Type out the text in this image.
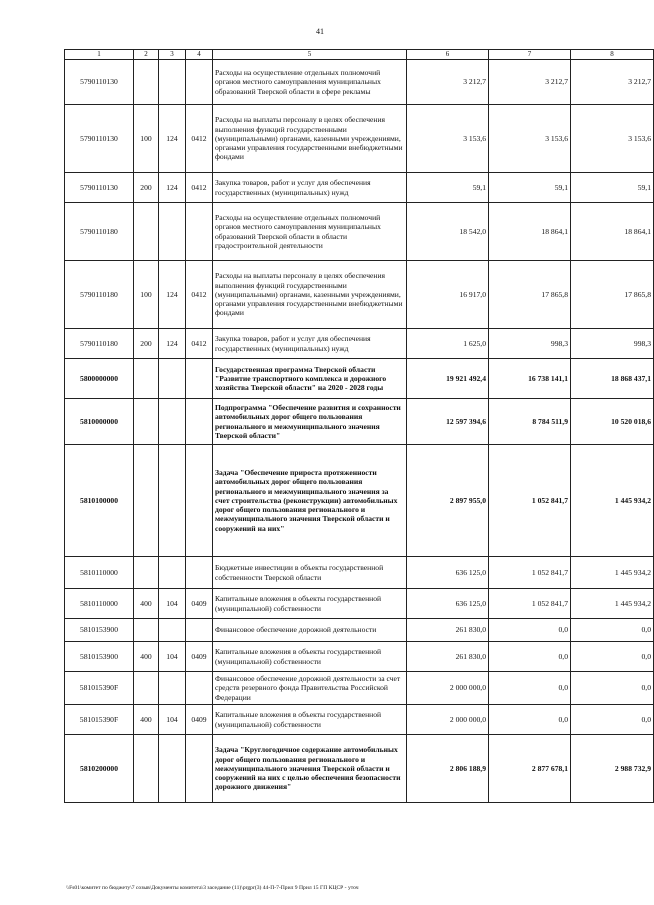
41
1	2	3	4	5	6	7	8
5790110130				Расходы на осуществление отдельных полномочий органов местного самоуправления муниципальных образований Тверской области в сфере рекламы	3 212,7	3 212,7	3 212,7
5790110130	100	124	0412	Расходы на выплаты персоналу в целях обеспечения выполнения функций государственными (муниципальными) органами, казенными учреждениями, органами управления государственными внебюджетными фондами	3 153,6	3 153,6	3 153,6
5790110130	200	124	0412	Закупка товаров, работ и услуг для обеспечения государственных (муниципальных) нужд	59,1	59,1	59,1
5790110180				Расходы на осуществление отдельных полномочий органов местного самоуправления муниципальных образований Тверской области в области градостроительной деятельности	18 542,0	18 864,1	18 864,1
5790110180	100	124	0412	Расходы на выплаты персоналу в целях обеспечения выполнения функций государственными (муниципальными) органами, казенными учреждениями, органами управления государственными внебюджетными фондами	16 917,0	17 865,8	17 865,8
5790110180	200	124	0412	Закупка товаров, работ и услуг для обеспечения государственных (муниципальных) нужд	1 625,0	998,3	998,3
5800000000				Государственная программа Тверской области "Развитие транспортного комплекса и дорожного хозяйства Тверской области" на 2020 - 2028 годы	19 921 492,4	16 738 141,1	18 868 437,1
5810000000				Подпрограмма "Обеспечение развития и сохранности автомобильных дорог общего пользования регионального и межмуниципального значения Тверской области"	12 597 394,6	8 784 511,9	10 520 018,6
5810100000				Задача "Обеспечение прироста протяженности автомобильных дорог общего пользования регионального и межмуниципального значения за счет строительства (реконструкции) автомобильных дорог общего пользования регионального и межмуниципального значения Тверской области и сооружений на них"	2 897 955,0	1 052 841,7	1 445 934,2
5810110000				Бюджетные инвестиции в объекты государственной собственности Тверской области	636 125,0	1 052 841,7	1 445 934,2
5810110000	400	104	0409	Капитальные вложения в объекты государственной (муниципальной) собственности	636 125,0	1 052 841,7	1 445 934,2
5810153900				Финансовое обеспечение дорожной деятельности	261 830,0	0,0	0,0
5810153900	400	104	0409	Капитальные вложения в объекты государственной (муниципальной) собственности	261 830,0	0,0	0,0
581015390F				Финансовое обеспечение дорожной деятельности за счет средств резервного фонда Правительства Российской Федерации	2 000 000,0	0,0	0,0
581015390F	400	104	0409	Капитальные вложения в объекты государственной (муниципальной) собственности	2 000 000,0	0,0	0,0
5810200000				Задача "Круглогодичное содержание автомобильных дорог общего пользования регионального и межмуниципального значения Тверской области и сооружений на них с целью обеспечения безопасности дорожного движения"	2 806 188,9	2 877 678,1	2 988 732,9
\\Fs01\комитет по бюджету\7 созыв\Документы комитета\3 заседание (11)\prgpr(3) 44-П-7-Прил 9 Прил 15 ГП КЦСР - уточ
